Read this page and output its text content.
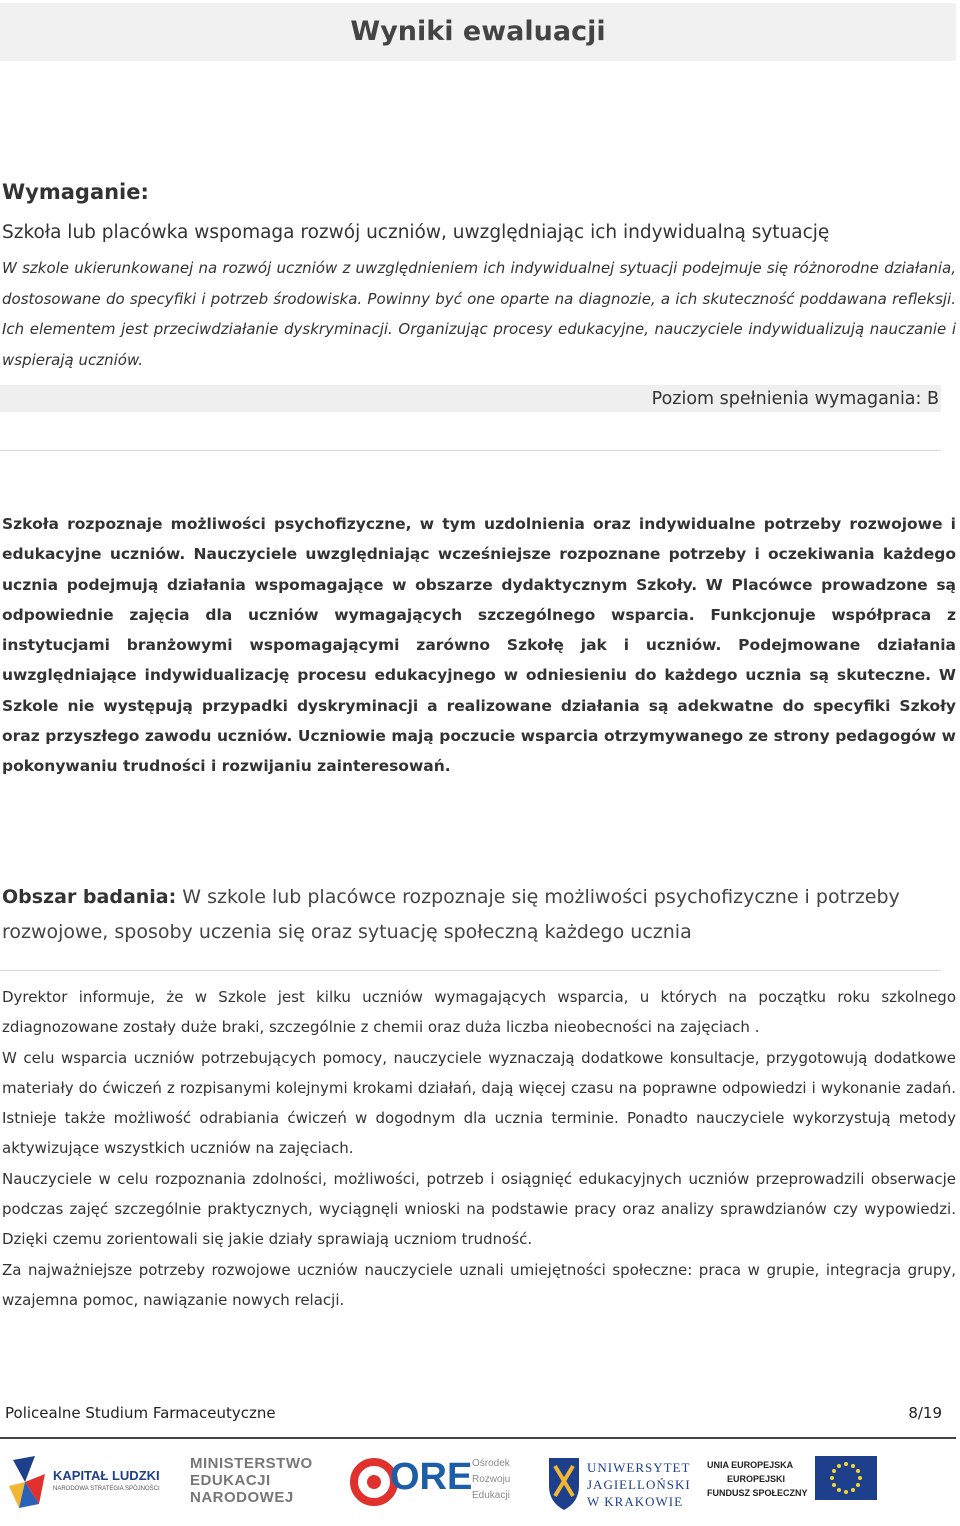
Wyniki ewaluacji
Wymaganie:
Szkoła lub placówka wspomaga rozwój uczniów, uwzględniając ich indywidualną sytuację
W szkole ukierunkowanej na rozwój uczniów z uwzględnieniem ich indywidualnej sytuacji podejmuje się różnorodne działania, dostosowane do specyfiki i potrzeb środowiska. Powinny być one oparte na diagnozie, a ich skuteczność poddawana refleksji. Ich elementem jest przeciwdziałanie dyskryminacji. Organizując procesy edukacyjne, nauczyciele indywidualizują nauczanie i wspierają uczniów.
Poziom spełnienia wymagania: B
Szkoła rozpoznaje możliwości psychofizyczne, w tym uzdolnienia oraz indywidualne potrzeby rozwojowe i edukacyjne uczniów. Nauczyciele uwzględniając wcześniejsze rozpoznane potrzeby i oczekiwania każdego ucznia podejmują działania wspomagające w obszarze dydaktycznym Szkoły. W Placówce prowadzone są odpowiednie zajęcia dla uczniów wymagających szczególnego wsparcia. Funkcjonuje współpraca z instytucjami branżowymi wspomagającymi zarówno Szkołę jak i uczniów. Podejmowane działania uwzględniające indywidualizację procesu edukacyjnego w odniesieniu do każdego ucznia są skuteczne. W Szkole nie występują przypadki dyskryminacji a realizowane działania są adekwatne do specyfiki Szkoły oraz przyszłego zawodu uczniów. Uczniowie mają poczucie wsparcia otrzymywanego ze strony pedagogów w pokonywaniu trudności i rozwijaniu zainteresowań.
Obszar badania: W szkole lub placówce rozpoznaje się możliwości psychofizyczne i potrzeby rozwojowe, sposoby uczenia się oraz sytuację społeczną każdego ucznia

Dyrektor informuje, że w Szkole jest kilku uczniów wymagających wsparcia, u których na początku roku szkolnego zdiagnozowane zostały duże braki, szczególnie z chemii oraz duża liczba nieobecności na zajęciach .

W celu wsparcia uczniów potrzebujących pomocy, nauczyciele wyznaczają dodatkowe konsultacje, przygotowują dodatkowe materiały do ćwiczeń z rozpisanymi kolejnymi krokami działań, dają więcej czasu na poprawne odpowiedzi i wykonanie zadań. Istnieje także możliwość odrabiania ćwiczeń w dogodnym dla ucznia terminie. Ponadto nauczyciele wykorzystują metody aktywizujące wszystkich uczniów na zajęciach.

Nauczyciele w celu rozpoznania zdolności, możliwości, potrzeb i osiągnięć edukacyjnych uczniów przeprowadzili obserwacje podczas zajęć szczególnie praktycznych, wyciągnęli wnioski na podstawie pracy oraz analizy sprawdzianów czy wypowiedzi. Dzięki czemu zorientowali się jakie działy sprawiają uczniom trudność.

Za najważniejsze potrzeby rozwojowe uczniów nauczyciele uznali umiejętności społeczne: praca w grupie, integracja grupy, wzajemna pomoc, nawiązanie nowych relacji.

Policealne Studium Farmaceutyczne	8/19
KAPITAŁ LUDZKI
NARODOWA STRATEGIA SPÓJNOŚCI
MINISTERSTWO
EDUKACJI
NARODOWEJ	ORE Ośrodek
Rozwoju
Edukacji
UNIWERSYTET
JAGIELLOŃSKI
W KRAKOWIE
UNIA EUROPEJSKA
EUROPEJSKI
FUNDUSZ SPOŁECZNY
